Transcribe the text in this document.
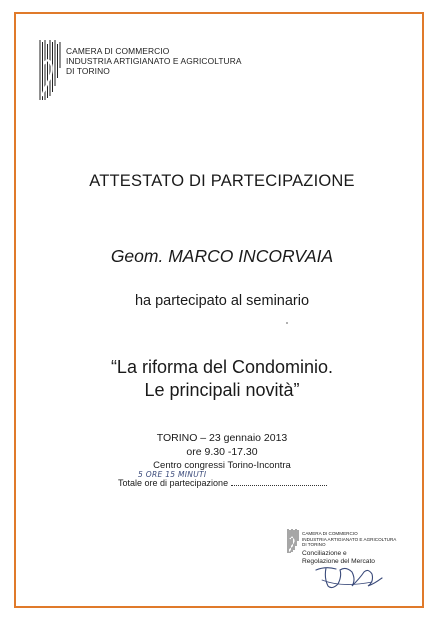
CAMERA DI COMMERCIO
INDUSTRIA ARTIGIANATO E AGRICOLTURA
DI TORINO
ATTESTATO DI PARTECIPAZIONE
Geom. MARCO INCORVAIA
ha partecipato al seminario
“La riforma del Condominio.
Le principali novità”
TORINO – 23 gennaio 2013
ore 9.30 -17.30
Centro congressi Torino-Incontra
Totale ore di partecipazione
5 ORE 15 MINUTI
CAMERA DI COMMERCIO
INDUSTRIA ARTIGIANATO E AGRICOLTURA
DI TORINO
Conciliazione e
Regolazione del Mercato
